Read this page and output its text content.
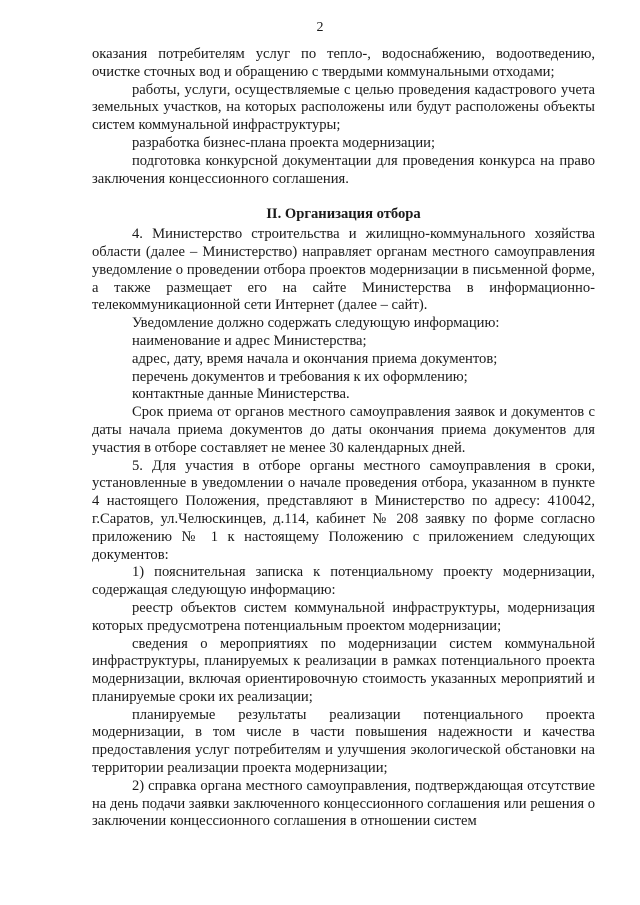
2

оказания потребителям услуг по тепло-, водоснабжению, водоотведению, очистке сточных вод и обращению с твердыми коммунальными отходами;

работы, услуги, осуществляемые с целью проведения кадастрового учета земельных участков, на которых расположены или будут расположены объекты систем коммунальной инфраструктуры;

разработка бизнес-плана проекта модернизации;

подготовка конкурсной документации для проведения конкурса на право заключения концессионного соглашения.

II. Организация отбора

4. Министерство строительства и жилищно-коммунального хозяйства области (далее – Министерство) направляет органам местного самоуправления уведомление о проведении отбора проектов модернизации в письменной форме, а также размещает его на сайте Министерства в информационно-телекоммуникационной сети Интернет (далее – сайт).

Уведомление должно содержать следующую информацию:

наименование и адрес Министерства;

адрес, дату, время начала и окончания приема документов;

перечень документов и требования к их оформлению;

контактные данные Министерства.

Срок приема от органов местного самоуправления заявок и документов с даты начала приема документов до даты окончания приема документов для участия в отборе составляет не менее 30 календарных дней.

5. Для участия в отборе органы местного самоуправления в сроки, установленные в уведомлении о начале проведения отбора, указанном в пункте 4 настоящего Положения, представляют в Министерство по адресу: 410042, г.Саратов, ул.Челюскинцев, д.114, кабинет № 208 заявку по форме согласно приложению № 1 к настоящему Положению с приложением следующих документов:

1) пояснительная записка к потенциальному проекту модернизации, содержащая следующую информацию:

реестр объектов систем коммунальной инфраструктуры, модернизация которых предусмотрена потенциальным проектом модернизации;

сведения о мероприятиях по модернизации систем коммунальной инфраструктуры, планируемых к реализации в рамках потенциального проекта модернизации, включая ориентировочную стоимость указанных мероприятий и планируемые сроки их реализации;

планируемые результаты реализации потенциального проекта модернизации, в том числе в части повышения надежности и качества предоставления услуг потребителям и улучшения экологической обстановки на территории реализации проекта модернизации;

2) справка органа местного самоуправления, подтверждающая отсутствие на день подачи заявки заключенного концессионного соглашения или решения о заключении концессионного соглашения в отношении систем
